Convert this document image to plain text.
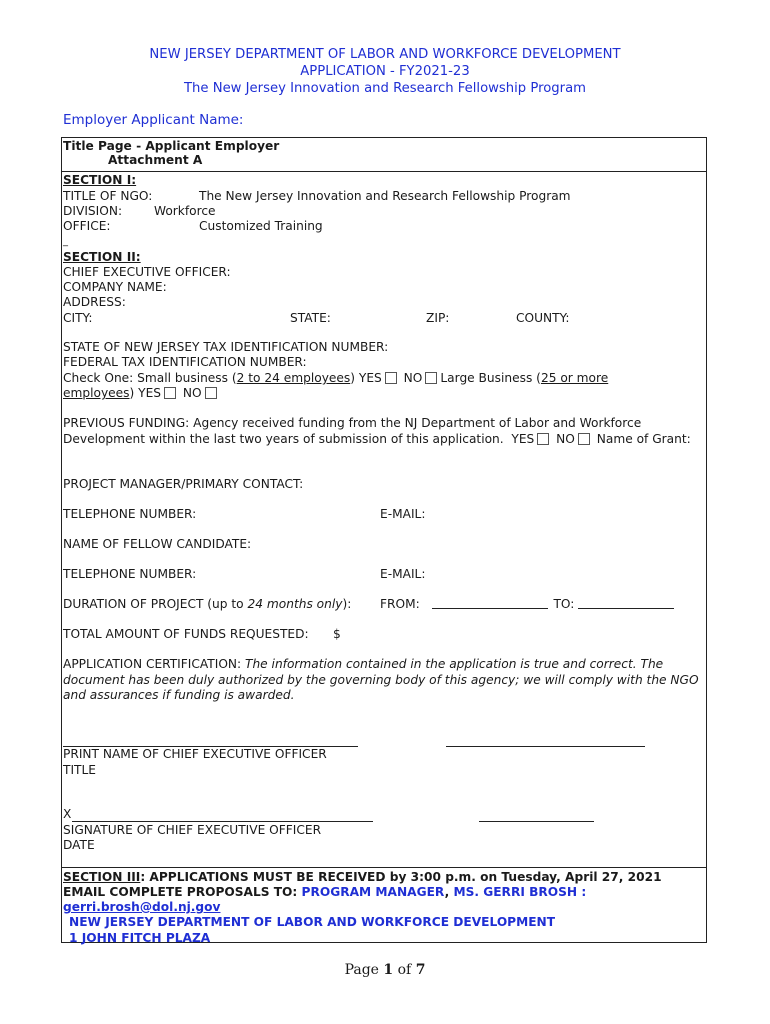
NEW JERSEY DEPARTMENT OF LABOR AND WORKFORCE DEVELOPMENT
APPLICATION - FY2021-23
The New Jersey Innovation and Research Fellowship Program
Employer Applicant Name:
Title Page - Applicant Employer
Attachment A
SECTION I:
TITLE OF NGO:	The New Jersey Innovation and Research Fellowship Program
DIVISION:	Workforce
OFFICE:	Customized Training
_
SECTION II:
CHIEF EXECUTIVE OFFICER:
COMPANY NAME:
ADDRESS:
CITY:	STATE:	ZIP:	COUNTY:
STATE OF NEW JERSEY TAX IDENTIFICATION NUMBER:
FEDERAL TAX IDENTIFICATION NUMBER:
Check One: Small business (2 to 24 employees) YES NO Large Business (25 or more
employees) YES NO
PREVIOUS FUNDING: Agency received funding from the NJ Department of Labor and Workforce Development within the last two years of submission of this application. YES NO Name of Grant:
PROJECT MANAGER/PRIMARY CONTACT:
TELEPHONE NUMBER:	E-MAIL:
NAME OF FELLOW CANDIDATE:
TELEPHONE NUMBER:	E-MAIL:
DURATION OF PROJECT (up to 24 months only): FROM:	TO:
TOTAL AMOUNT OF FUNDS REQUESTED: $
APPLICATION CERTIFICATION: The information contained in the application is true and correct. The document has been duly authorized by the governing body of this agency; we will comply with the NGO and assurances if funding is awarded.
PRINT NAME OF CHIEF EXECUTIVE OFFICER
TITLE
X
SIGNATURE OF CHIEF EXECUTIVE OFFICER
DATE
SECTION III: APPLICATIONS MUST BE RECEIVED by 3:00 p.m. on Tuesday, April 27, 2021
EMAIL COMPLETE PROPOSALS TO: PROGRAM MANAGER, MS. GERRI BROSH :
gerri.brosh@dol.nj.gov
NEW JERSEY DEPARTMENT OF LABOR AND WORKFORCE DEVELOPMENT
1 JOHN FITCH PLAZA
Page 1 of 7
